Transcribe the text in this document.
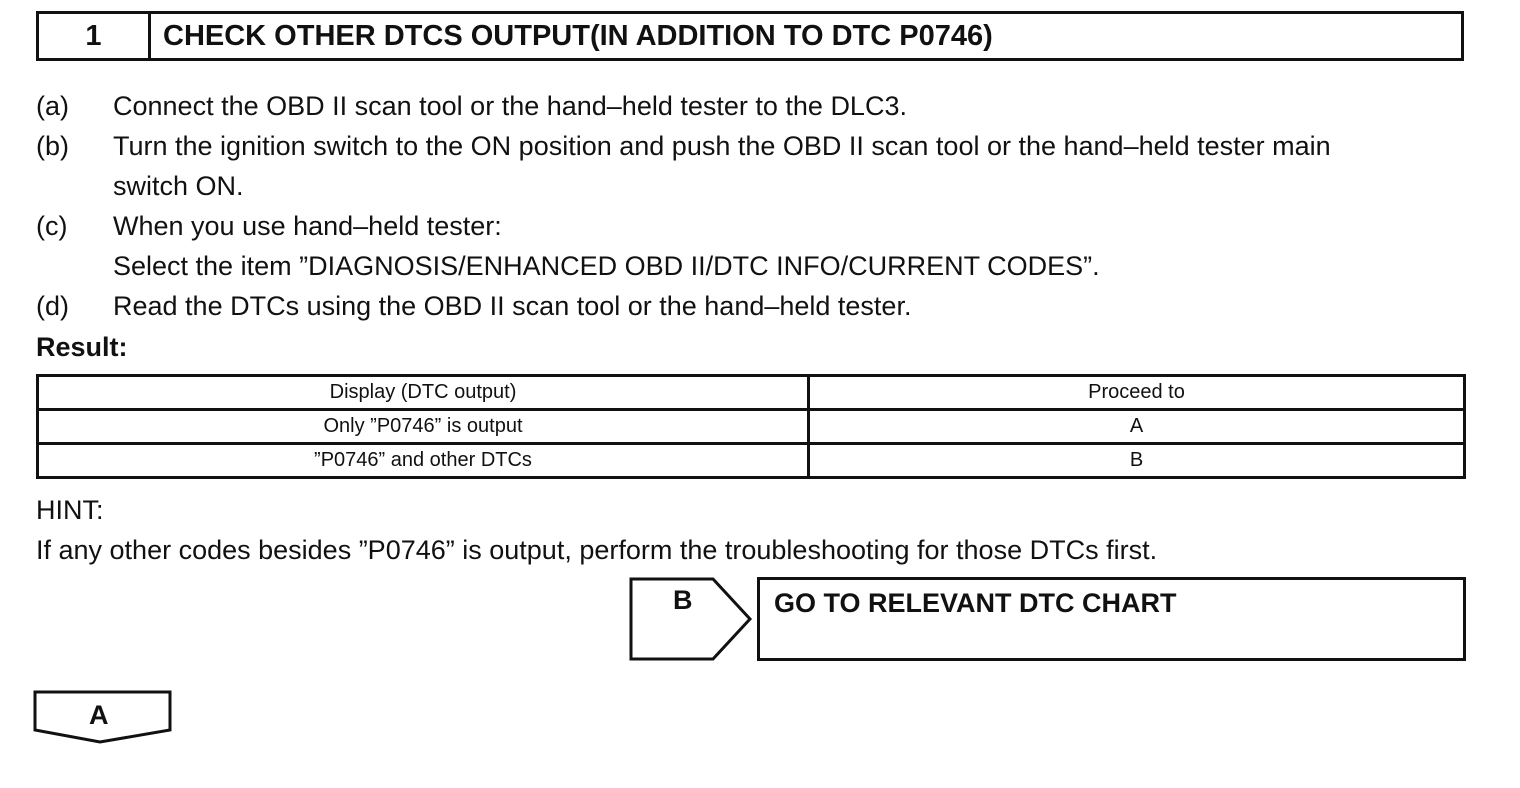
1	CHECK OTHER DTCS OUTPUT(IN ADDITION TO DTC P0746)
(a)	Connect the OBD II scan tool or the hand–held tester to the DLC3.
(b)	Turn the ignition switch to the ON position and push the OBD II scan tool or the hand–held tester main
switch ON.
(c)	When you use hand–held tester:
Select the item ”DIAGNOSIS/ENHANCED OBD II/DTC INFO/CURRENT CODES”.
(d)	Read the DTCs using the OBD II scan tool or the hand–held tester.
Result:
Display (DTC output)	Proceed to
Only ”P0746” is output	A
”P0746” and other DTCs	B
HINT:
If any other codes besides ”P0746” is output, perform the troubleshooting for those DTCs first.
B	GO TO RELEVANT DTC CHART
A
